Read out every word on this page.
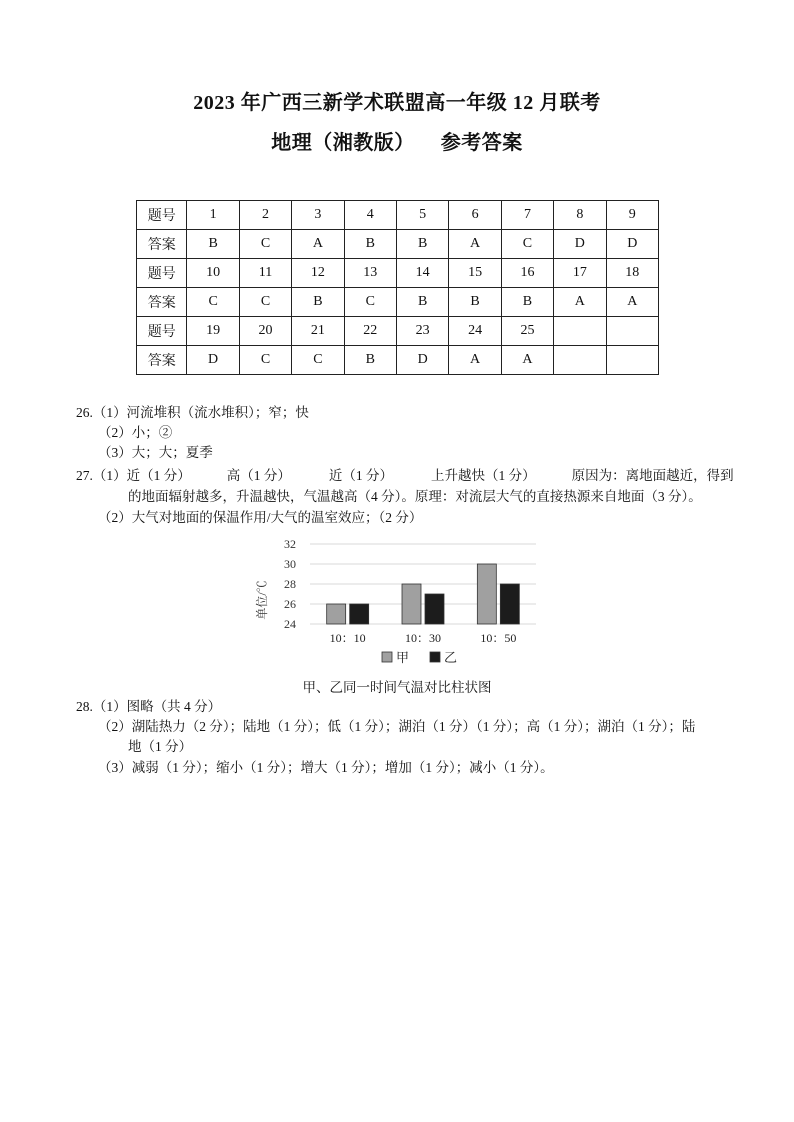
2023 年广西三新学术联盟高一年级 12 月联考
地理（湘教版） 参考答案
题号	1	2	3	4	5	6	7	8	9
答案	B	C	A	B	B	A	C	D	D
题号	10	11	12	13	14	15	16	17	18
答案	C	C	B	C	B	B	B	A	A
题号	19	20	21	22	23	24	25		
答案	D	C	C	B	D	A	A		
26.（1）河流堆积（流水堆积）；窄；快
（2）小；②
（3）大；大；夏季
27.（1）近（1 分）	高（1 分）	近（1 分）	上升越快（1 分）	原因为：离地面越近，得到
的地面辐射越多，升温越快，气温越高（4 分）。原理：对流层大气的直接热源来自地面（3 分）。
（2）大气对地面的保温作用/大气的温室效应；（2 分）
24
26
28
30
32
10：10	10：30	10：50
单位/℃
甲	乙
甲、乙同一时间气温对比柱状图
28.（1）图略（共 4 分）
（2）湖陆热力（2 分）；陆地（1 分）；低（1 分）；湖泊（1 分）（1 分）；高（1 分）；湖泊（1 分）；陆
地（1 分）
（3）减弱（1 分）；缩小（1 分）；增大（1 分）；增加（1 分）；减小（1 分）。
